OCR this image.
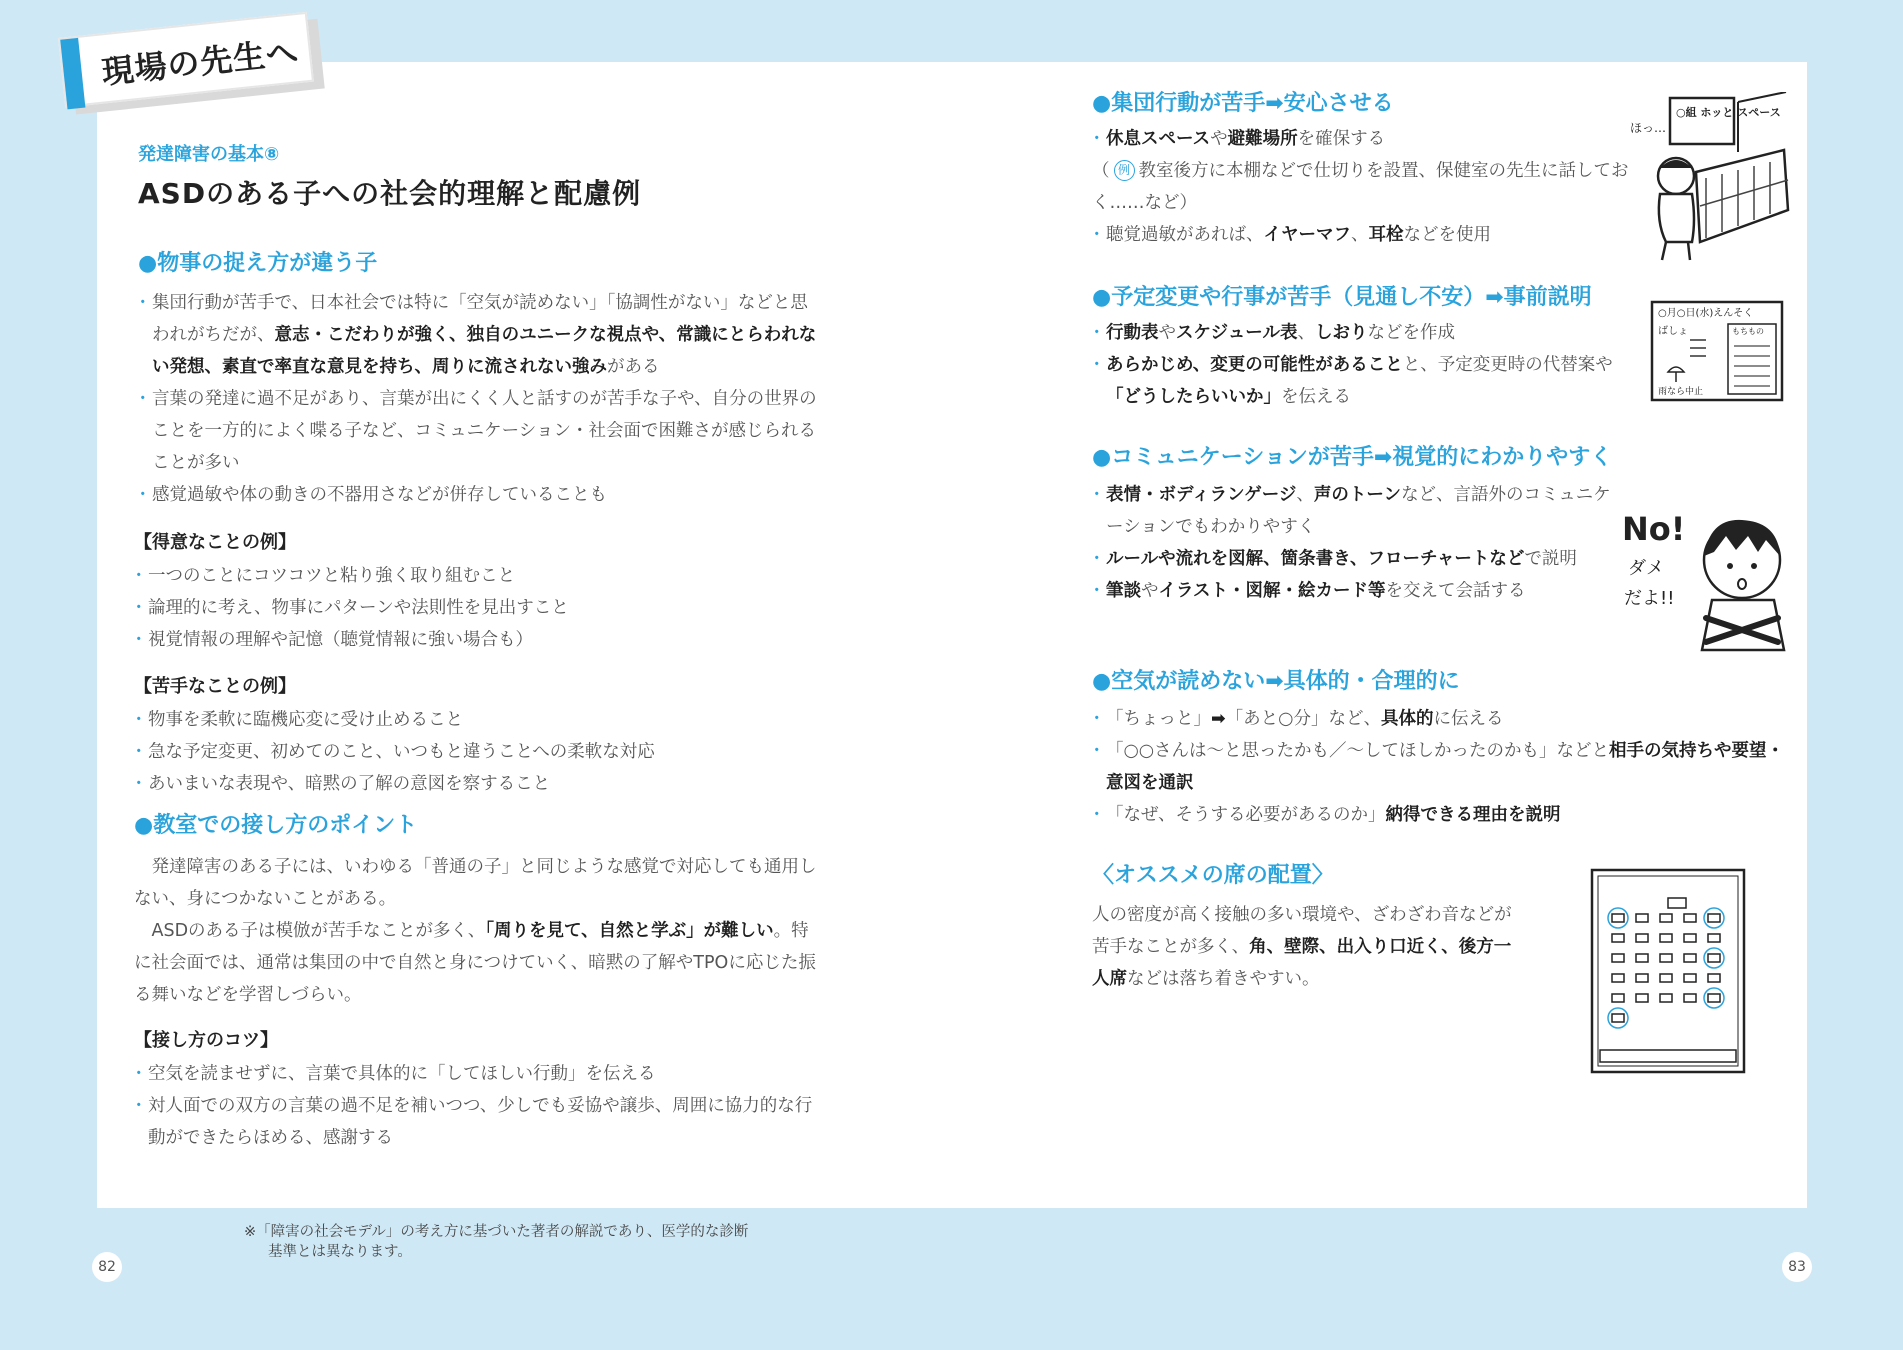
現場の先生へ
発達障害の基本⑧
ASDのある子への社会的理解と配慮例

●物事の捉え方が違う子

・ 集団行動が苦手で、日本社会では特に「空気が読めない」「協調性がない」などと思われがちだが、意志・こだわりが強く、独自のユニークな視点や、常識にとらわれない発想、素直で率直な意見を持ち、周りに流されない強みがある
・ 言葉の発達に過不足があり、言葉が出にくく人と話すのが苦手な子や、自分の世界のことを一方的によく喋る子など、コミュニケーション・社会面で困難さが感じられることが多い
・ 感覚過敏や体の動きの不器用さなどが併存していることも

【得意なことの例】

・ 一つのことにコツコツと粘り強く取り組むこと
・ 論理的に考え、物事にパターンや法則性を見出すこと
・ 視覚情報の理解や記憶（聴覚情報に強い場合も）

【苦手なことの例】

・ 物事を柔軟に臨機応変に受け止めること
・ 急な予定変更、初めてのこと、いつもと違うことへの柔軟な対応
・ あいまいな表現や、暗黙の了解の意図を察すること

●教室での接し方のポイント

発達障害のある子には、いわゆる「普通の子」と同じような感覚で対応しても通用しない、身につかないことがある。
ASDのある子は模倣が苦手なことが多く、「周りを見て、自然と学ぶ」が難しい。特に社会面では、通常は集団の中で自然と身につけていく、暗黙の了解やTPOに応じた振る舞いなどを学習しづらい。

【接し方のコツ】

・ 空気を読ませずに、言葉で具体的に「してほしい行動」を伝える
・ 対人面での双方の言葉の過不足を補いつつ、少しでも妥協や譲歩、周囲に協力的な行動ができたらほめる、感謝する

●集団行動が苦手➡安心させる

・ 休息スペースや避難場所を確保する
（ 例 教室後方に本棚などで仕切りを設置、保健室の先生に話しておく……など）
・ 聴覚過敏があれば、イヤーマフ、耳栓などを使用

●予定変更や行事が苦手（見通し不安）➡事前説明

・ 行動表やスケジュール表、しおりなどを作成
・ あらかじめ、変更の可能性があることと、予定変更時の代替案や「どうしたらいいか」を伝える

●コミュニケーションが苦手➡視覚的にわかりやすく

・ 表情・ボディランゲージ、声のトーンなど、言語外のコミュニケーションでもわかりやすく
・ ルールや流れを図解、箇条書き、フローチャートなどで説明
・ 筆談やイラスト・図解・絵カード等を交えて会話する

●空気が読めない➡具体的・合理的に

・ 「ちょっと」➡「あと○分」など、具体的に伝える
・ 「○○さんは～と思ったかも／～してほしかったのかも」などと相手の気持ちや要望・意図を通訳
・ 「なぜ、そうする必要があるのか」納得できる理由を説明

〈オススメの席の配置〉

人の密度が高く接触の多い環境や、ざわざわ音などが苦手なことが多く、角、壁際、出入り口近く、後方一人席などは落ち着きやすい。
○組 ホッと スペース
ほっ…
○月○日(水)えんそく
ばしょ	もちもの
雨なら中止
No!
ダメ
だよ!!
※「障害の社会モデル」の考え方に基づいた著者の解説であり、医学的な診断
基準とは異なります。
82	83
